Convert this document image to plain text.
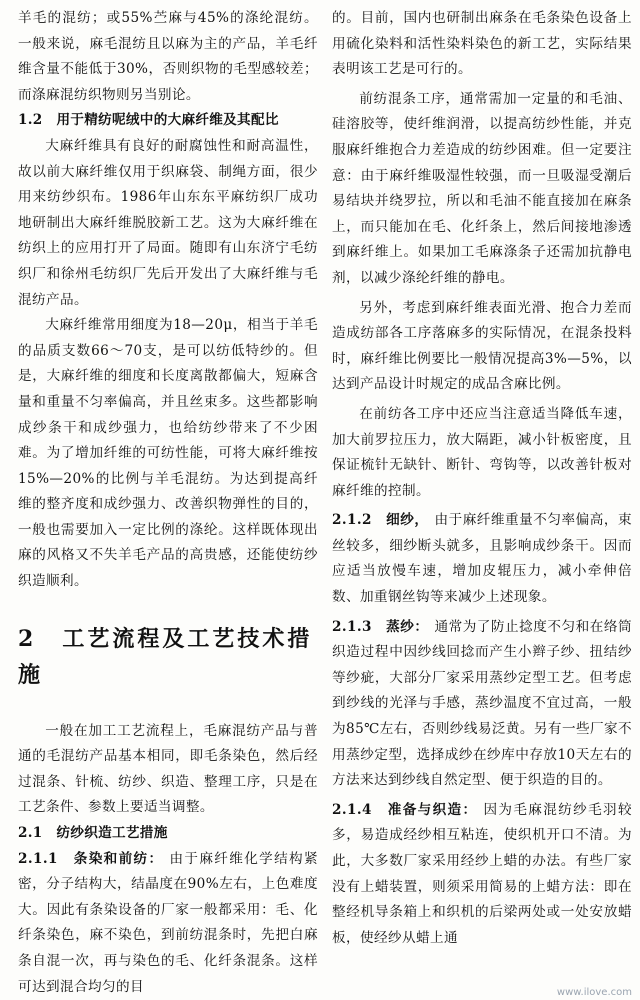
羊毛的混纺；或55%苎麻与45%的涤纶混纺。一般来说，麻毛混纺且以麻为主的产品，羊毛纤维含量不能低于30%，否则织物的毛型感较差；而涤麻混纺织物则另当别论。

1.2　用于精纺呢绒中的大麻纤维及其配比

大麻纤维具有良好的耐腐蚀性和耐高温性，故以前大麻纤维仅用于织麻袋、制绳方面，很少用来纺纱织布。1986年山东东平麻纺织厂成功地研制出大麻纤维脱胶新工艺。这为大麻纤维在纺织上的应用打开了局面。随即有山东济宁毛纺织厂和徐州毛纺织厂先后开发出了大麻纤维与毛混纺产品。

大麻纤维常用细度为18—20μ，相当于羊毛的品质支数66～70支，是可以纺低特纱的。但是，大麻纤维的细度和长度离散都偏大，短麻含量和重量不匀率偏高，并且丝束多。这些都影响成纱条干和成纱强力，也给纺纱带来了不少困难。为了增加纤维的可纺性能，可将大麻纤维按15%—20%的比例与羊毛混纺。为达到提高纤维的整齐度和成纱强力、改善织物弹性的目的，一般也需要加入一定比例的涤纶。这样既体现出麻的风格又不失羊毛产品的高贵感，还能使纺纱织造顺利。

2 工艺流程及工艺技术措施

一般在加工工艺流程上，毛麻混纺产品与普通的毛混纺产品基本相同，即毛条染色，然后经过混条、针梳、纺纱、织造、整理工序，只是在工艺条件、参数上要适当调整。

2.1　纺纱织造工艺措施

2.1.1　条染和前纺： 由于麻纤维化学结构紧密，分子结构大，结晶度在90%左右，上色难度大。因此有条染设备的厂家一般都采用：毛、化纤条染色，麻不染色，到前纺混条时，先把白麻条自混一次，再与染色的毛、化纤条混条。这样可达到混合均匀的目

的。目前，国内也研制出麻条在毛条染色设备上用硫化染料和活性染料染色的新工艺，实际结果表明该工艺是可行的。

前纺混条工序，通常需加一定量的和毛油、硅溶胶等，使纤维润滑，以提高纺纱性能，并克服麻纤维抱合力差造成的纺纱困难。但一定要注意：由于麻纤维吸湿性较强，而一旦吸湿受潮后易结块并绕罗拉，所以和毛油不能直接加在麻条上，而只能加在毛、化纤条上，然后间接地渗透到麻纤维上。如果加工毛麻涤条子还需加抗静电剂，以减少涤纶纤维的静电。

另外，考虑到麻纤维表面光滑、抱合力差而造成纺部各工序落麻多的实际情况，在混条投料时，麻纤维比例要比一般情况提高3%—5%，以达到产品设计时规定的成品含麻比例。

在前纺各工序中还应当注意适当降低车速，加大前罗拉压力，放大隔距，减小针板密度，且保证梳针无缺针、断针、弯钩等，以改善针板对麻纤维的控制。

2.1.2　细纱， 由于麻纤维重量不匀率偏高，束丝较多，细纱断头就多，且影响成纱条干。因而应适当放慢车速，增加皮辊压力，减小牵伸倍数、加重钢丝钩等来减少上述现象。

2.1.3　蒸纱： 通常为了防止捻度不匀和在络筒织造过程中因纱线回捻而产生小辫子纱、扭结纱等纱疵，大部分厂家采用蒸纱定型工艺。但考虑到纱线的光泽与手感，蒸纱温度不宜过高，一般为85℃左右，否则纱线易泛黄。另有一些厂家不用蒸纱定型，选择成纱在纱库中存放10天左右的方法来达到纱线自然定型、便于织造的目的。

2.1.4　准备与织造： 因为毛麻混纺纱毛羽较多，易造成经纱相互粘连，使织机开口不清。为此，大多数厂家采用经纱上蜡的办法。有些厂家没有上蜡装置，则须采用简易的上蜡方法：即在整经机导条箱上和织机的后梁两处或一处安放蜡板，使经纱从蜡上通

www.ilove.com
